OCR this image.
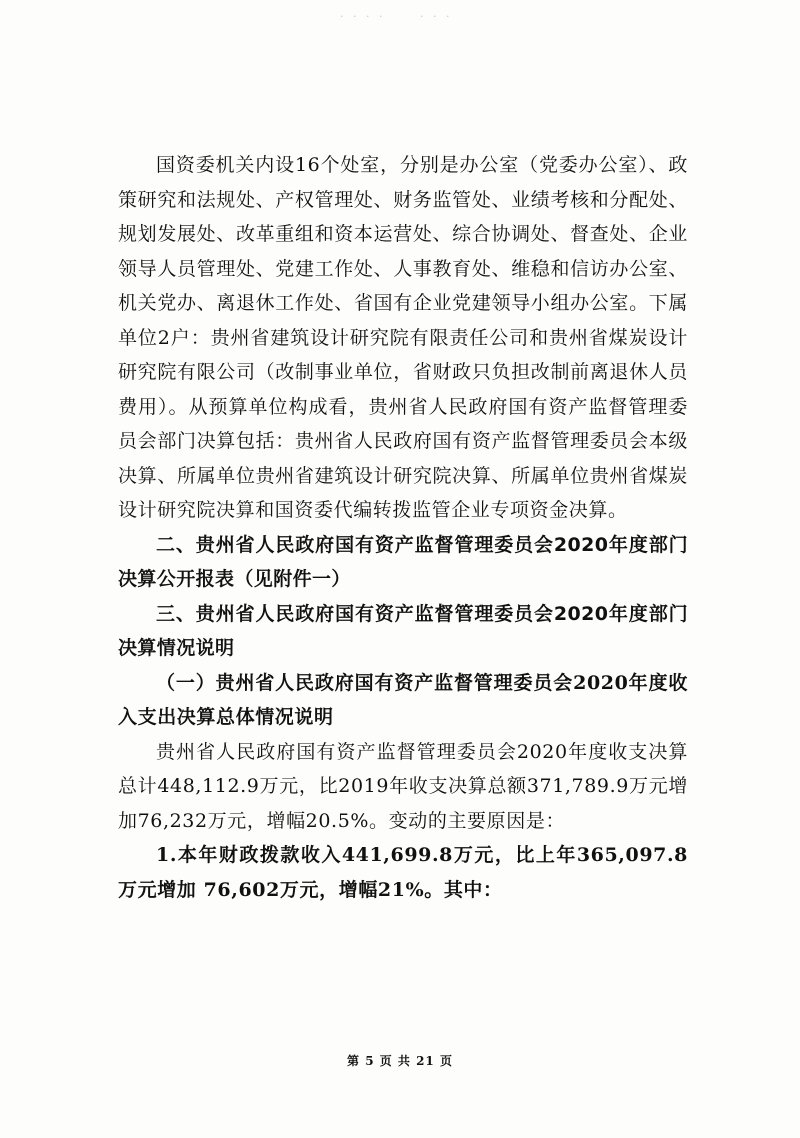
· · · ·	· · ·

国资委机关内设16个处室，分别是办公室（党委办公室）、政策研究和法规处、产权管理处、财务监管处、业绩考核和分配处、规划发展处、改革重组和资本运营处、综合协调处、督查处、企业领导人员管理处、党建工作处、人事教育处、维稳和信访办公室、机关党办、离退休工作处、省国有企业党建领导小组办公室。下属单位2户：贵州省建筑设计研究院有限责任公司和贵州省煤炭设计研究院有限公司（改制事业单位，省财政只负担改制前离退休人员费用）。从预算单位构成看，贵州省人民政府国有资产监督管理委员会部门决算包括：贵州省人民政府国有资产监督管理委员会本级决算、所属单位贵州省建筑设计研究院决算、所属单位贵州省煤炭设计研究院决算和国资委代编转拨监管企业专项资金决算。

二、贵州省人民政府国有资产监督管理委员会2020年度部门决算公开报表（见附件一）

三、贵州省人民政府国有资产监督管理委员会2020年度部门决算情况说明

（一）贵州省人民政府国有资产监督管理委员会2020年度收入支出决算总体情况说明

贵州省人民政府国有资产监督管理委员会2020年度收支决算总计448,112.9万元，比2019年收支决算总额371,789.9万元增加76,232万元，增幅20.5%。变动的主要原因是：

1.本年财政拨款收入441,699.8万元，比上年365,097.8万元增加 76,602万元，增幅21%。其中：

第 5 页 共 21 页
